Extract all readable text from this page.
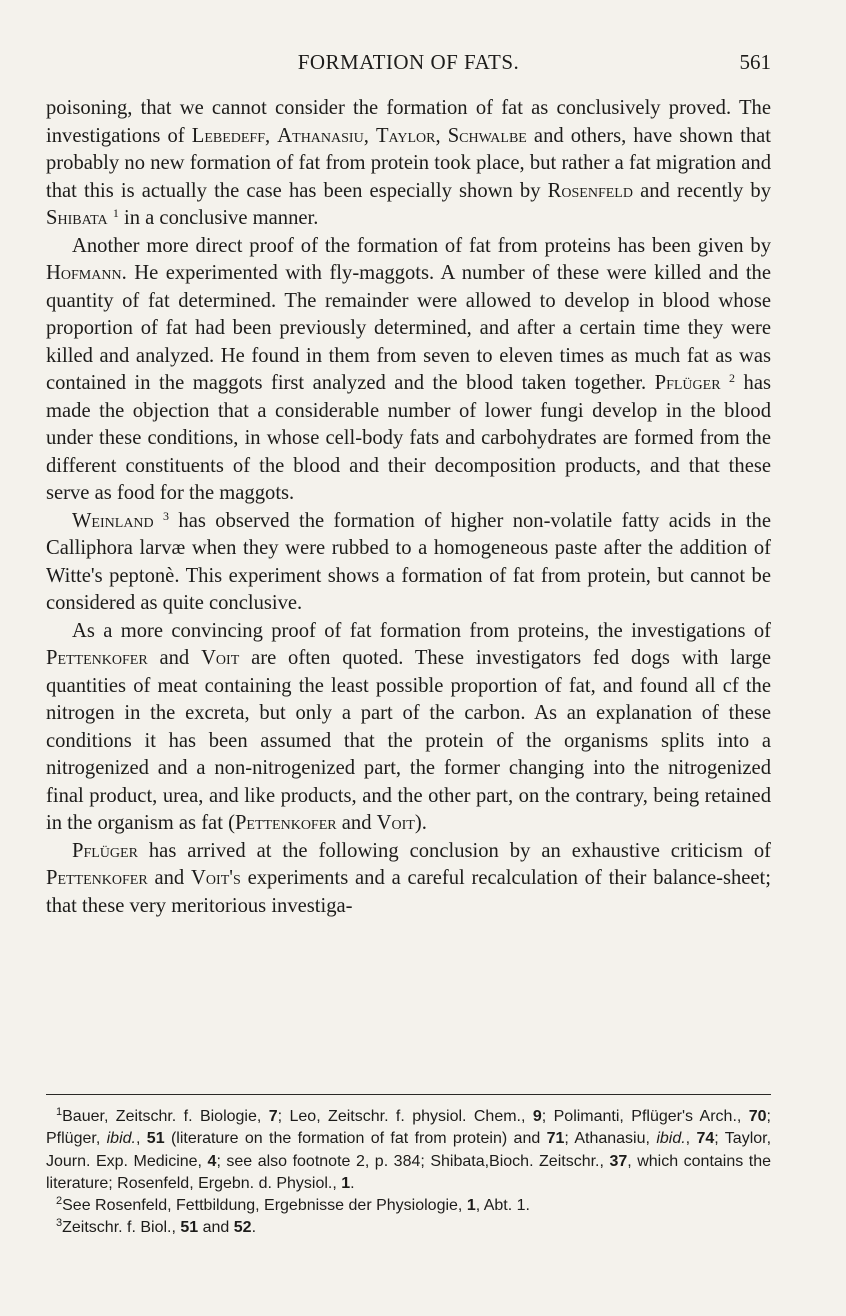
FORMATION OF FATS.	561

poisoning, that we cannot consider the formation of fat as conclusively proved. The investigations of Lebedeff, Athanasiu, Taylor, Schwalbe and others, have shown that probably no new formation of fat from protein took place, but rather a fat migration and that this is actually the case has been especially shown by Rosenfeld and recently by Shibata $^1$ in a conclusive manner.

Another more direct proof of the formation of fat from proteins has been given by Hofmann. He experimented with fly-maggots. A number of these were killed and the quantity of fat determined. The remainder were allowed to develop in blood whose proportion of fat had been previously determined, and after a certain time they were killed and analyzed. He found in them from seven to eleven times as much fat as was contained in the maggots first analyzed and the blood taken together. Pflüger $^2$ has made the objection that a considerable number of lower fungi develop in the blood under these conditions, in whose cell-body fats and carbohydrates are formed from the different constituents of the blood and their decomposition products, and that these serve as food for the maggots.

Weinland $^3$ has observed the formation of higher non-volatile fatty acids in the Calliphora larvæ when they were rubbed to a homogeneous paste after the addition of Witte's peptonè. This experiment shows a formation of fat from protein, but cannot be considered as quite conclusive.

As a more convincing proof of fat formation from proteins, the investigations of Pettenkofer and Voit are often quoted. These investigators fed dogs with large quantities of meat containing the least possible proportion of fat, and found all cf the nitrogen in the excreta, but only a part of the carbon. As an explanation of these conditions it has been assumed that the protein of the organisms splits into a nitrogenized and a non-nitrogenized part, the former changing into the nitrogenized final product, urea, and like products, and the other part, on the contrary, being retained in the organism as fat (Pettenkofer and Voit).

Pflüger has arrived at the following conclusion by an exhaustive criticism of Pettenkofer and Voit's experiments and a careful recalculation of their balance-sheet; that these very meritorious investiga-

$^1$Bauer, Zeitschr. f. Biologie, 7; Leo, Zeitschr. f. physiol. Chem., 9; Polimanti, Pflüger's Arch., 70; Pflüger, ibid., 51 (literature on the formation of fat from protein) and 71; Athanasiu, ibid., 74; Taylor, Journ. Exp. Medicine, 4; see also footnote 2, p. 384; Shibata,Bioch. Zeitschr., 37, which contains the literature; Rosenfeld, Ergebn. d. Physiol., 1.

$^2$See Rosenfeld, Fettbildung, Ergebnisse der Physiologie, 1, Abt. 1.

$^3$Zeitschr. f. Biol., 51 and 52.
